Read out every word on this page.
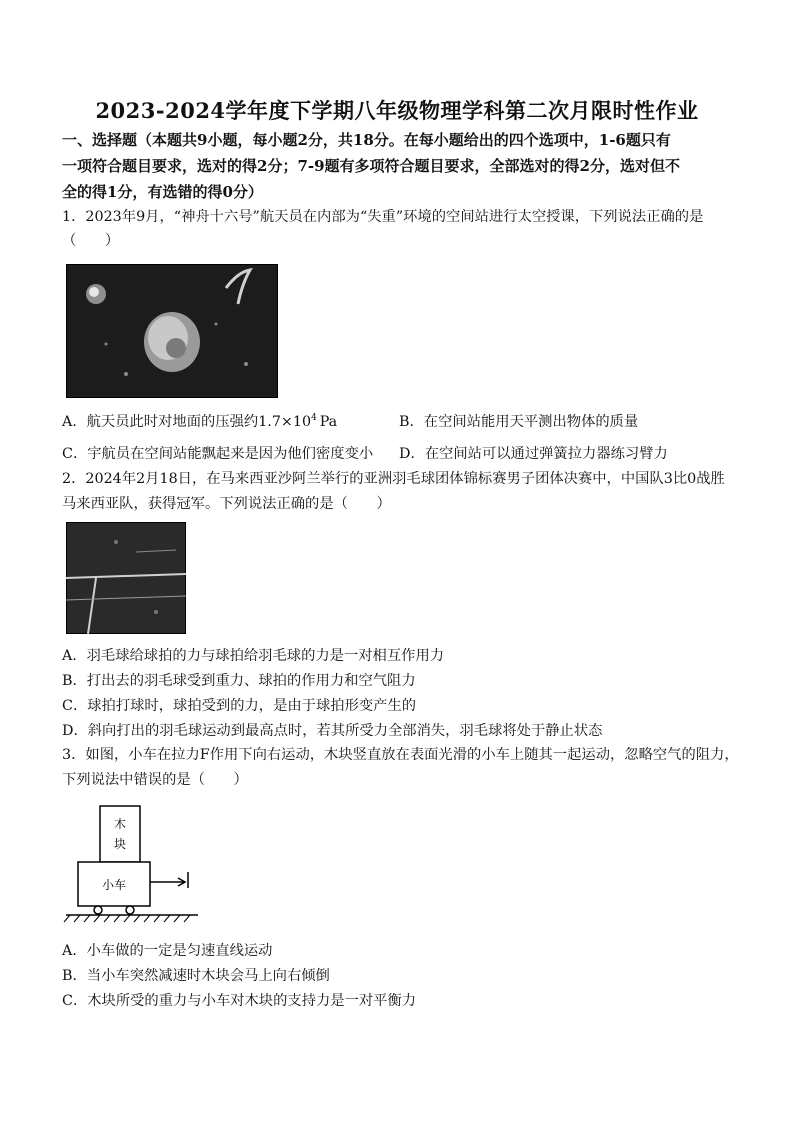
2023-2024学年度下学期八年级物理学科第二次月限时性作业
一、选择题（本题共9小题，每小题2分，共18分。在每小题给出的四个选项中，1-6题只有
一项符合题目要求，选对的得2分；7-9题有多项符合题目要求，全部选对的得2分，选对但不
全的得1分，有选错的得0分）
1．2023年9月，“神舟十六号”航天员在内部为“失重”环境的空间站进行太空授课，下列说法正确的是
（　　）
A．航天员此时对地面的压强约$1.7\times 10^4$  Pa	B．在空间站能用天平测出物体的质量
C．宇航员在空间站能飘起来是因为他们密度变小 D．在空间站可以通过弹簧拉力器练习臂力
2．2024年2月18日，在马来西亚沙阿兰举行的亚洲羽毛球团体锦标赛男子团体决赛中，中国队3比0战胜
马来西亚队，获得冠军。下列说法正确的是（　　）
A．羽毛球给球拍的力与球拍给羽毛球的力是一对相互作用力
B．打出去的羽毛球受到重力、球拍的作用力和空气阻力
C．球拍打球时，球拍受到的力，是由于球拍形变产生的
D．斜向打出的羽毛球运动到最高点时，若其所受力全部消失，羽毛球将处于静止状态
3．如图，小车在拉力F作用下向右运动，木块竖直放在表面光滑的小车上随其一起运动，忽略空气的阻力，
下列说法中错误的是（　　）
木
块
小车
A．小车做的一定是匀速直线运动
B．当小车突然减速时木块会马上向右倾倒
C．木块所受的重力与小车对木块的支持力是一对平衡力
